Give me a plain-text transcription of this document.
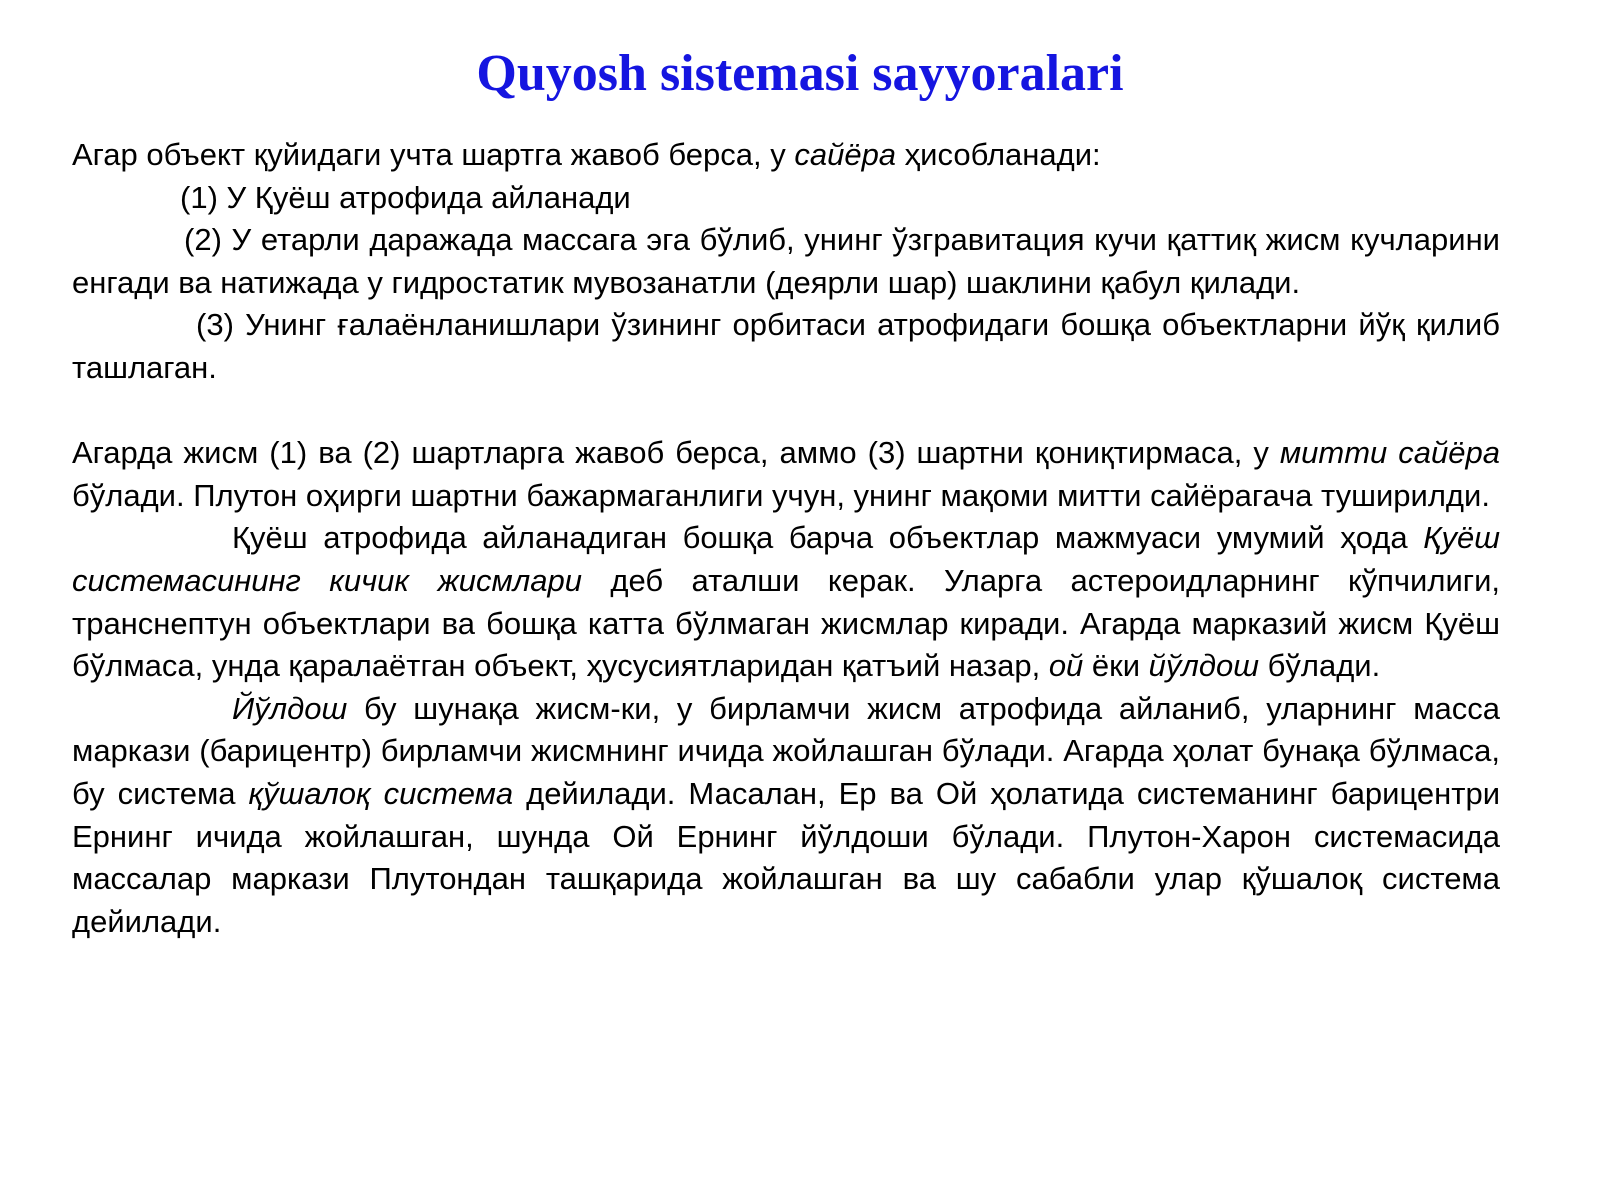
Quyosh sistemasi sayyoralari

Агар объект қуйидаги учта шартга жавоб берса, у сайёра ҳисобланади:

(1) У Қуёш атрофида айланади

(2) У етарли даражада массага эга бўлиб, унинг ўзгравитация кучи қаттиқ жисм кучларини енгади ва натижада у гидростатик мувозанатли (деярли шар) шаклини қабул қилади.

(3) Унинг ғалаёнланишлари ўзининг орбитаси атрофидаги бошқа объектларни йўқ қилиб ташлаган.

Агарда жисм (1) ва (2) шартларга жавоб берса, аммо (3) шартни қониқтирмаса, у митти сайёра бўлади. Плутон оҳирги шартни бажармаганлиги учун, унинг мақоми митти сайёрагача туширилди.

Қуёш атрофида айланадиган бошқа барча объектлар мажмуаси умумий ҳода Қуёш системасининг кичик жисмлари деб аталши керак. Уларга астероидларнинг кўпчилиги, транснептун объектлари ва бошқа катта бўлмаган жисмлар киради. Агарда марказий жисм Қуёш бўлмаса, унда қаралаётган объект, ҳусусиятларидан қатъий назар, ой ёки йўлдош бўлади.

Йўлдош бу шунақа жисм-ки, у бирламчи жисм атрофида айланиб, уларнинг масса маркази (барицентр) бирламчи жисмнинг ичида жойлашган бўлади. Агарда ҳолат бунақа бўлмаса, бу система қўшалоқ система дейилади. Масалан, Ер ва Ой ҳолатида системанинг барицентри Ернинг ичида жойлашган, шунда Ой Ернинг йўлдоши бўлади. Плутон-Харон системасида массалар маркази Плутондан ташқарида жойлашган ва шу сабабли улар қўшалоқ система дейилади.
